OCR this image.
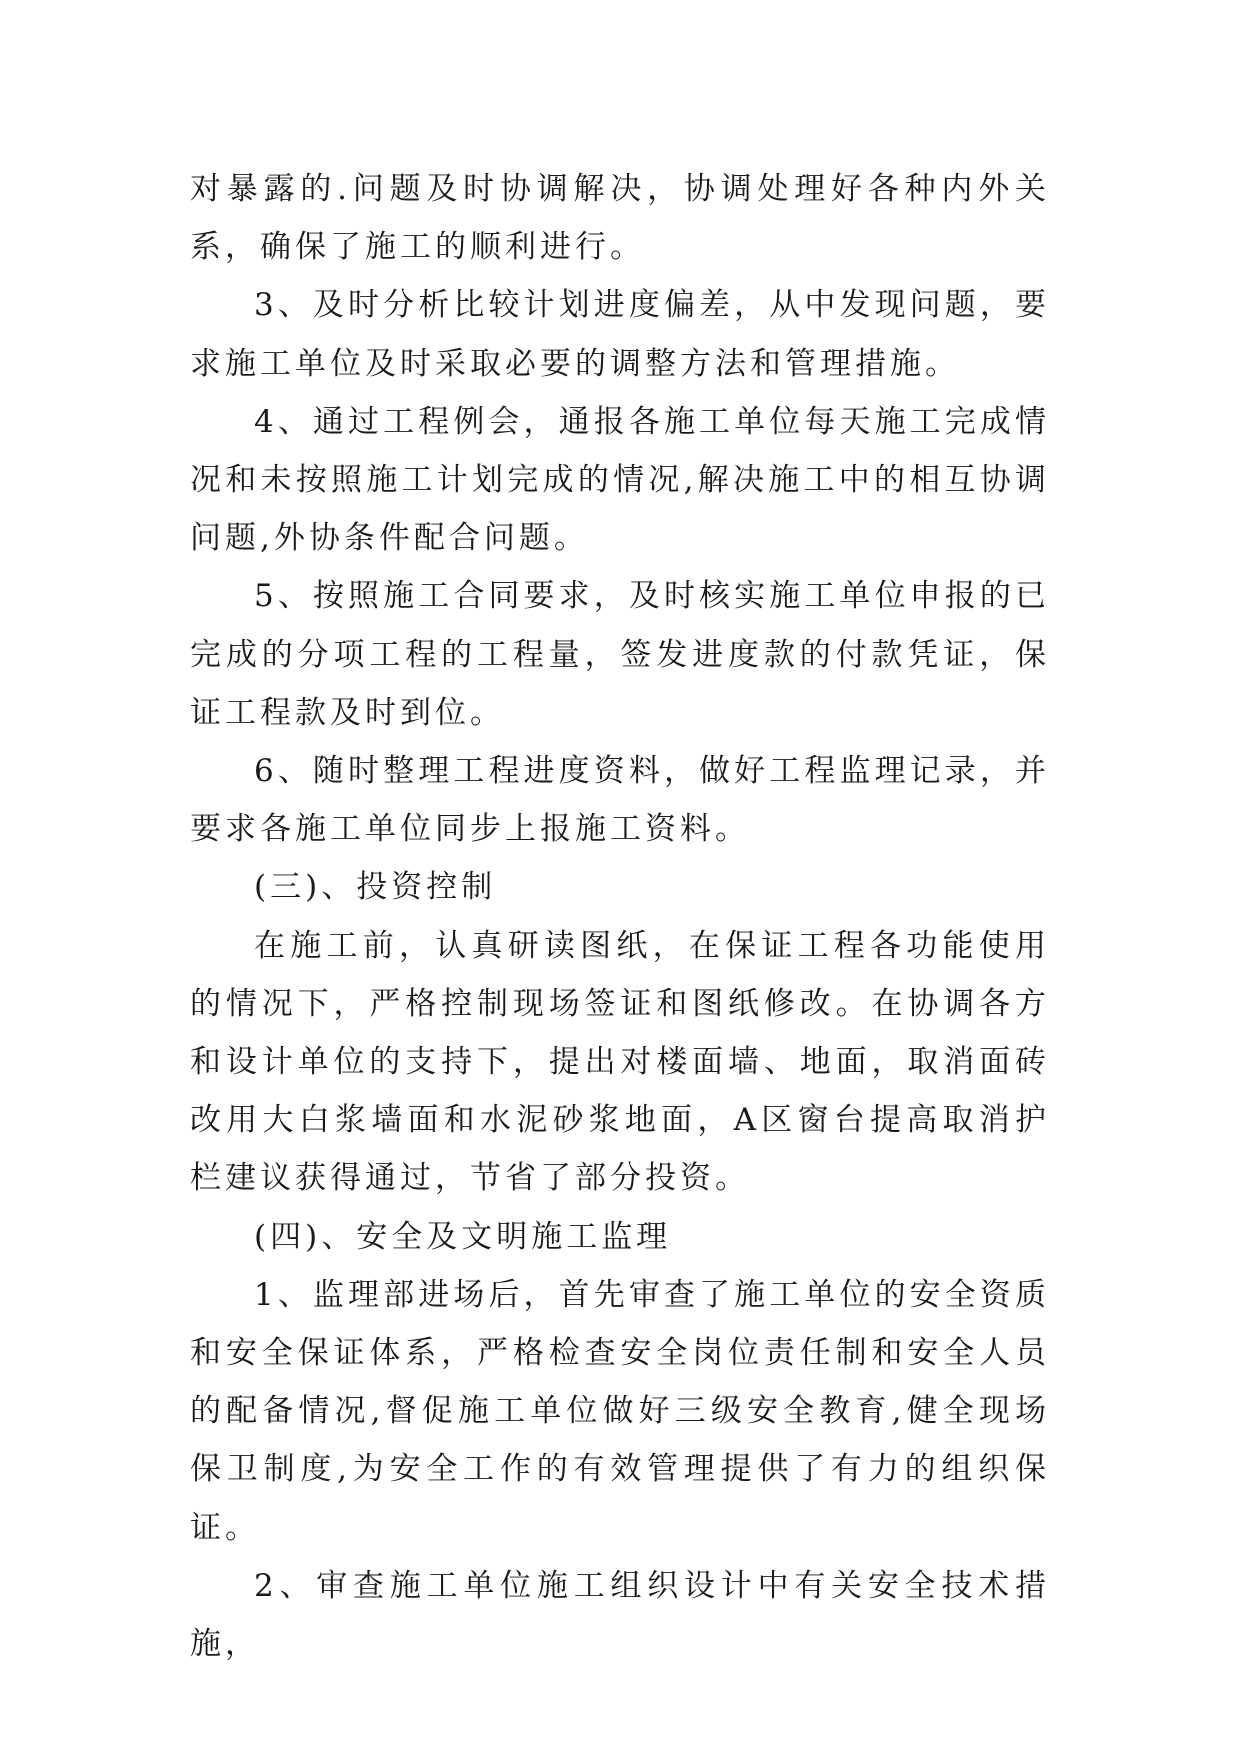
对暴露的.问题及时协调解决，协调处理好各种内外关系，确保了施工的顺利进行。

3、及时分析比较计划进度偏差，从中发现问题，要求施工单位及时采取必要的调整方法和管理措施。

4、通过工程例会，通报各施工单位每天施工完成情况和未按照施工计划完成的情况,解决施工中的相互协调问题,外协条件配合问题。

5、按照施工合同要求，及时核实施工单位申报的已完成的分项工程的工程量，签发进度款的付款凭证，保证工程款及时到位。

6、随时整理工程进度资料，做好工程监理记录，并要求各施工单位同步上报施工资料。

(三)、投资控制

在施工前，认真研读图纸，在保证工程各功能使用的情况下，严格控制现场签证和图纸修改。在协调各方和设计单位的支持下，提出对楼面墙、地面，取消面砖改用大白浆墙面和水泥砂浆地面，A区窗台提高取消护栏建议获得通过，节省了部分投资。

(四)、安全及文明施工监理

1、监理部进场后，首先审查了施工单位的安全资质和安全保证体系，严格检查安全岗位责任制和安全人员的配备情况,督促施工单位做好三级安全教育,健全现场保卫制度,为安全工作的有效管理提供了有力的组织保证。

2、审查施工单位施工组织设计中有关安全技术措施，
